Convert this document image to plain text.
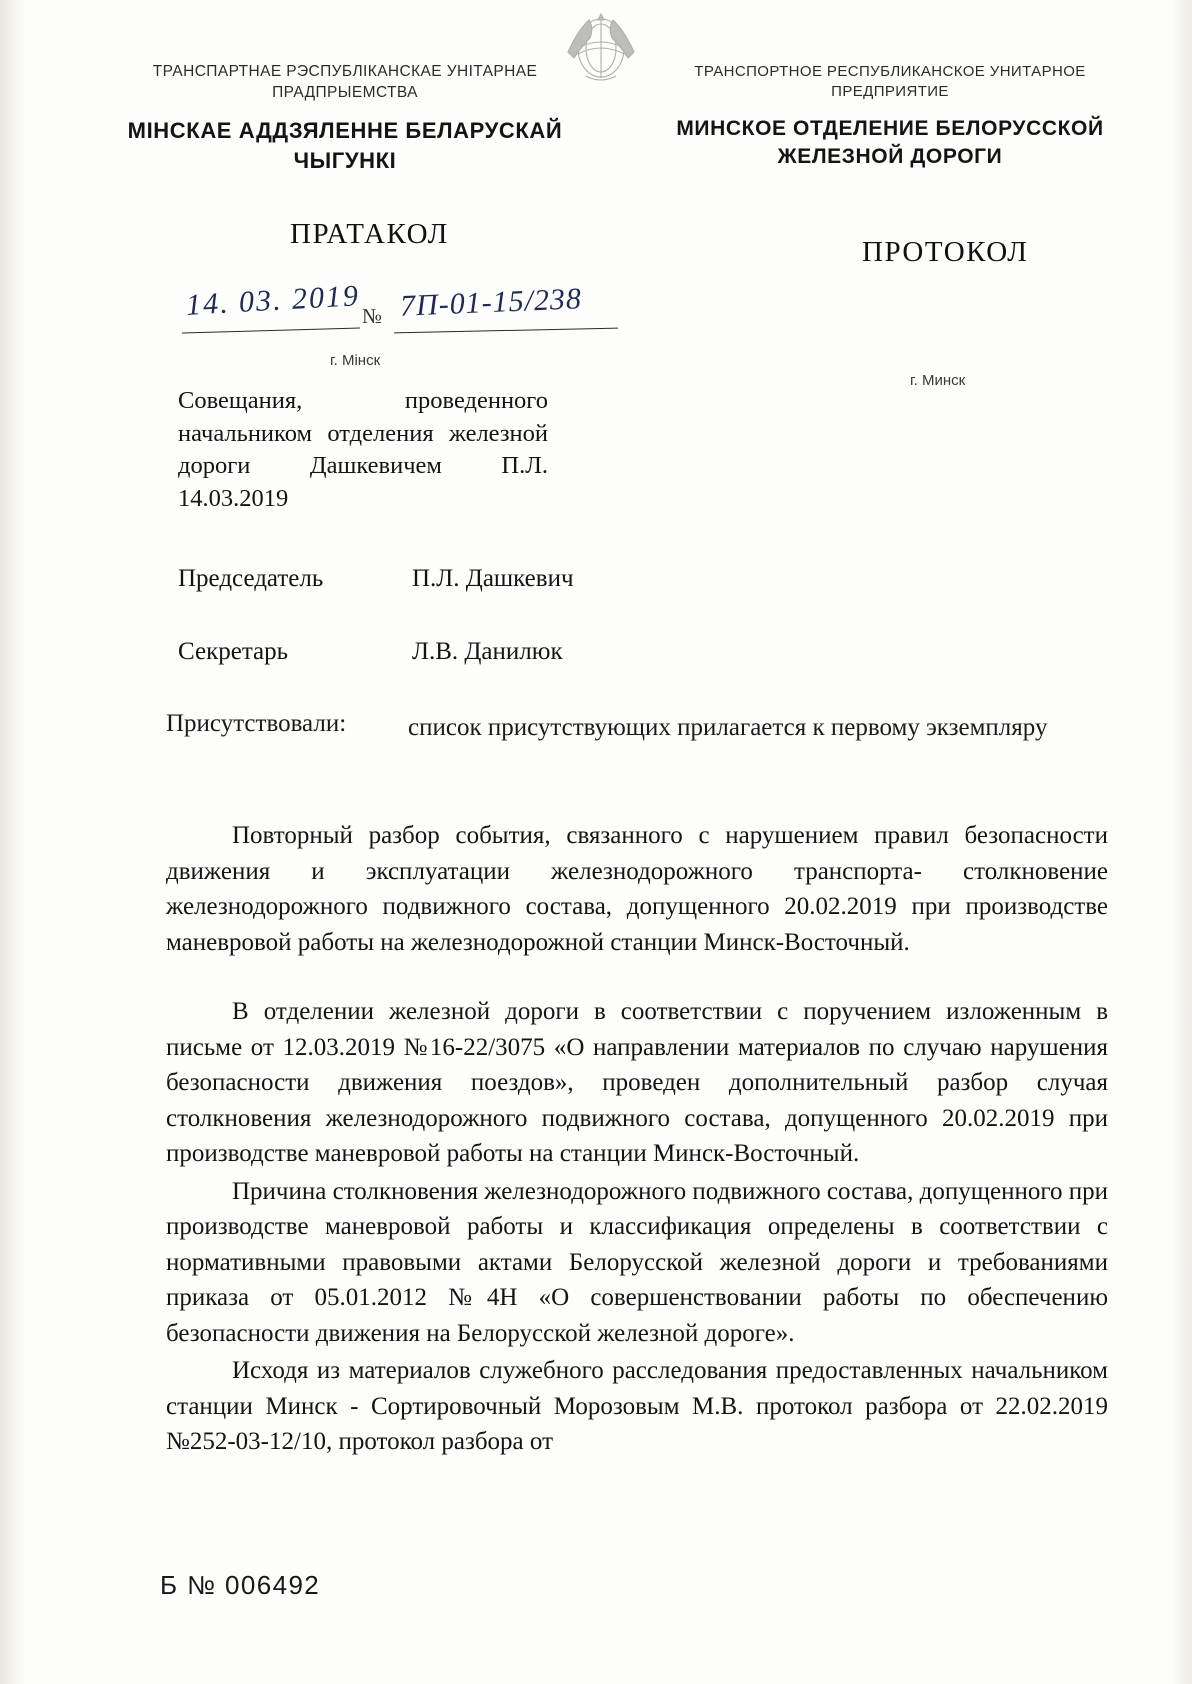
ТРАНСПАРТНАЕ РЭСПУБЛIКАНСКАЕ УНIТАРНАЕ ПРАДПРЫЕМСТВА
МIНСКАЕ АДДЗЯЛЕННЕ БЕЛАРУСКАЙ ЧЫГУНКI
ТРАНСПОРТНОЕ РЕСПУБЛИКАНСКОЕ УНИТАРНОЕ ПРЕДПРИЯТИЕ
МИНСКОЕ ОТДЕЛЕНИЕ БЕЛОРУССКОЙ ЖЕЛЕЗНОЙ ДОРОГИ
ПРАТАКОЛ
ПРОТОКОЛ
14. 03. 2019 № 7П-01-15/238
г. Мінск
г. Минск
Совещания, проведенного начальником отделения железной дороги Дашкевичем П.Л. 14.03.2019
Председатель	П.Л. Дашкевич
Секретарь	Л.В. Данилюк
Присутствовали: список присутствующих прилагается к первому экземпляру

Повторный разбор события, связанного с нарушением правил безопасности движения и эксплуатации железнодорожного транспорта- столкновение железнодорожного подвижного состава, допущенного 20.02.2019 при производстве маневровой работы на железнодорожной станции Минск-Восточный.

В отделении железной дороги в соответствии с поручением изложенным в письме от 12.03.2019 №16-22/3075 «О направлении материалов по случаю нарушения безопасности движения поездов», проведен дополнительный разбор случая столкновения железнодорожного подвижного состава, допущенного 20.02.2019 при производстве маневровой работы на станции Минск-Восточный.

Причина столкновения железнодорожного подвижного состава, допущенного при производстве маневровой работы и классификация определены в соответствии с нормативными правовыми актами Белорусской железной дороги и требованиями приказа от 05.01.2012 №4Н «О совершенствовании работы по обеспечению безопасности движения на Белорусской железной дороге».

Исходя из материалов служебного расследования предоставленных начальником станции Минск - Сортировочный Морозовым М.В. протокол разбора от 22.02.2019 №252-03-12/10, протокол разбора от

Б № 006492
